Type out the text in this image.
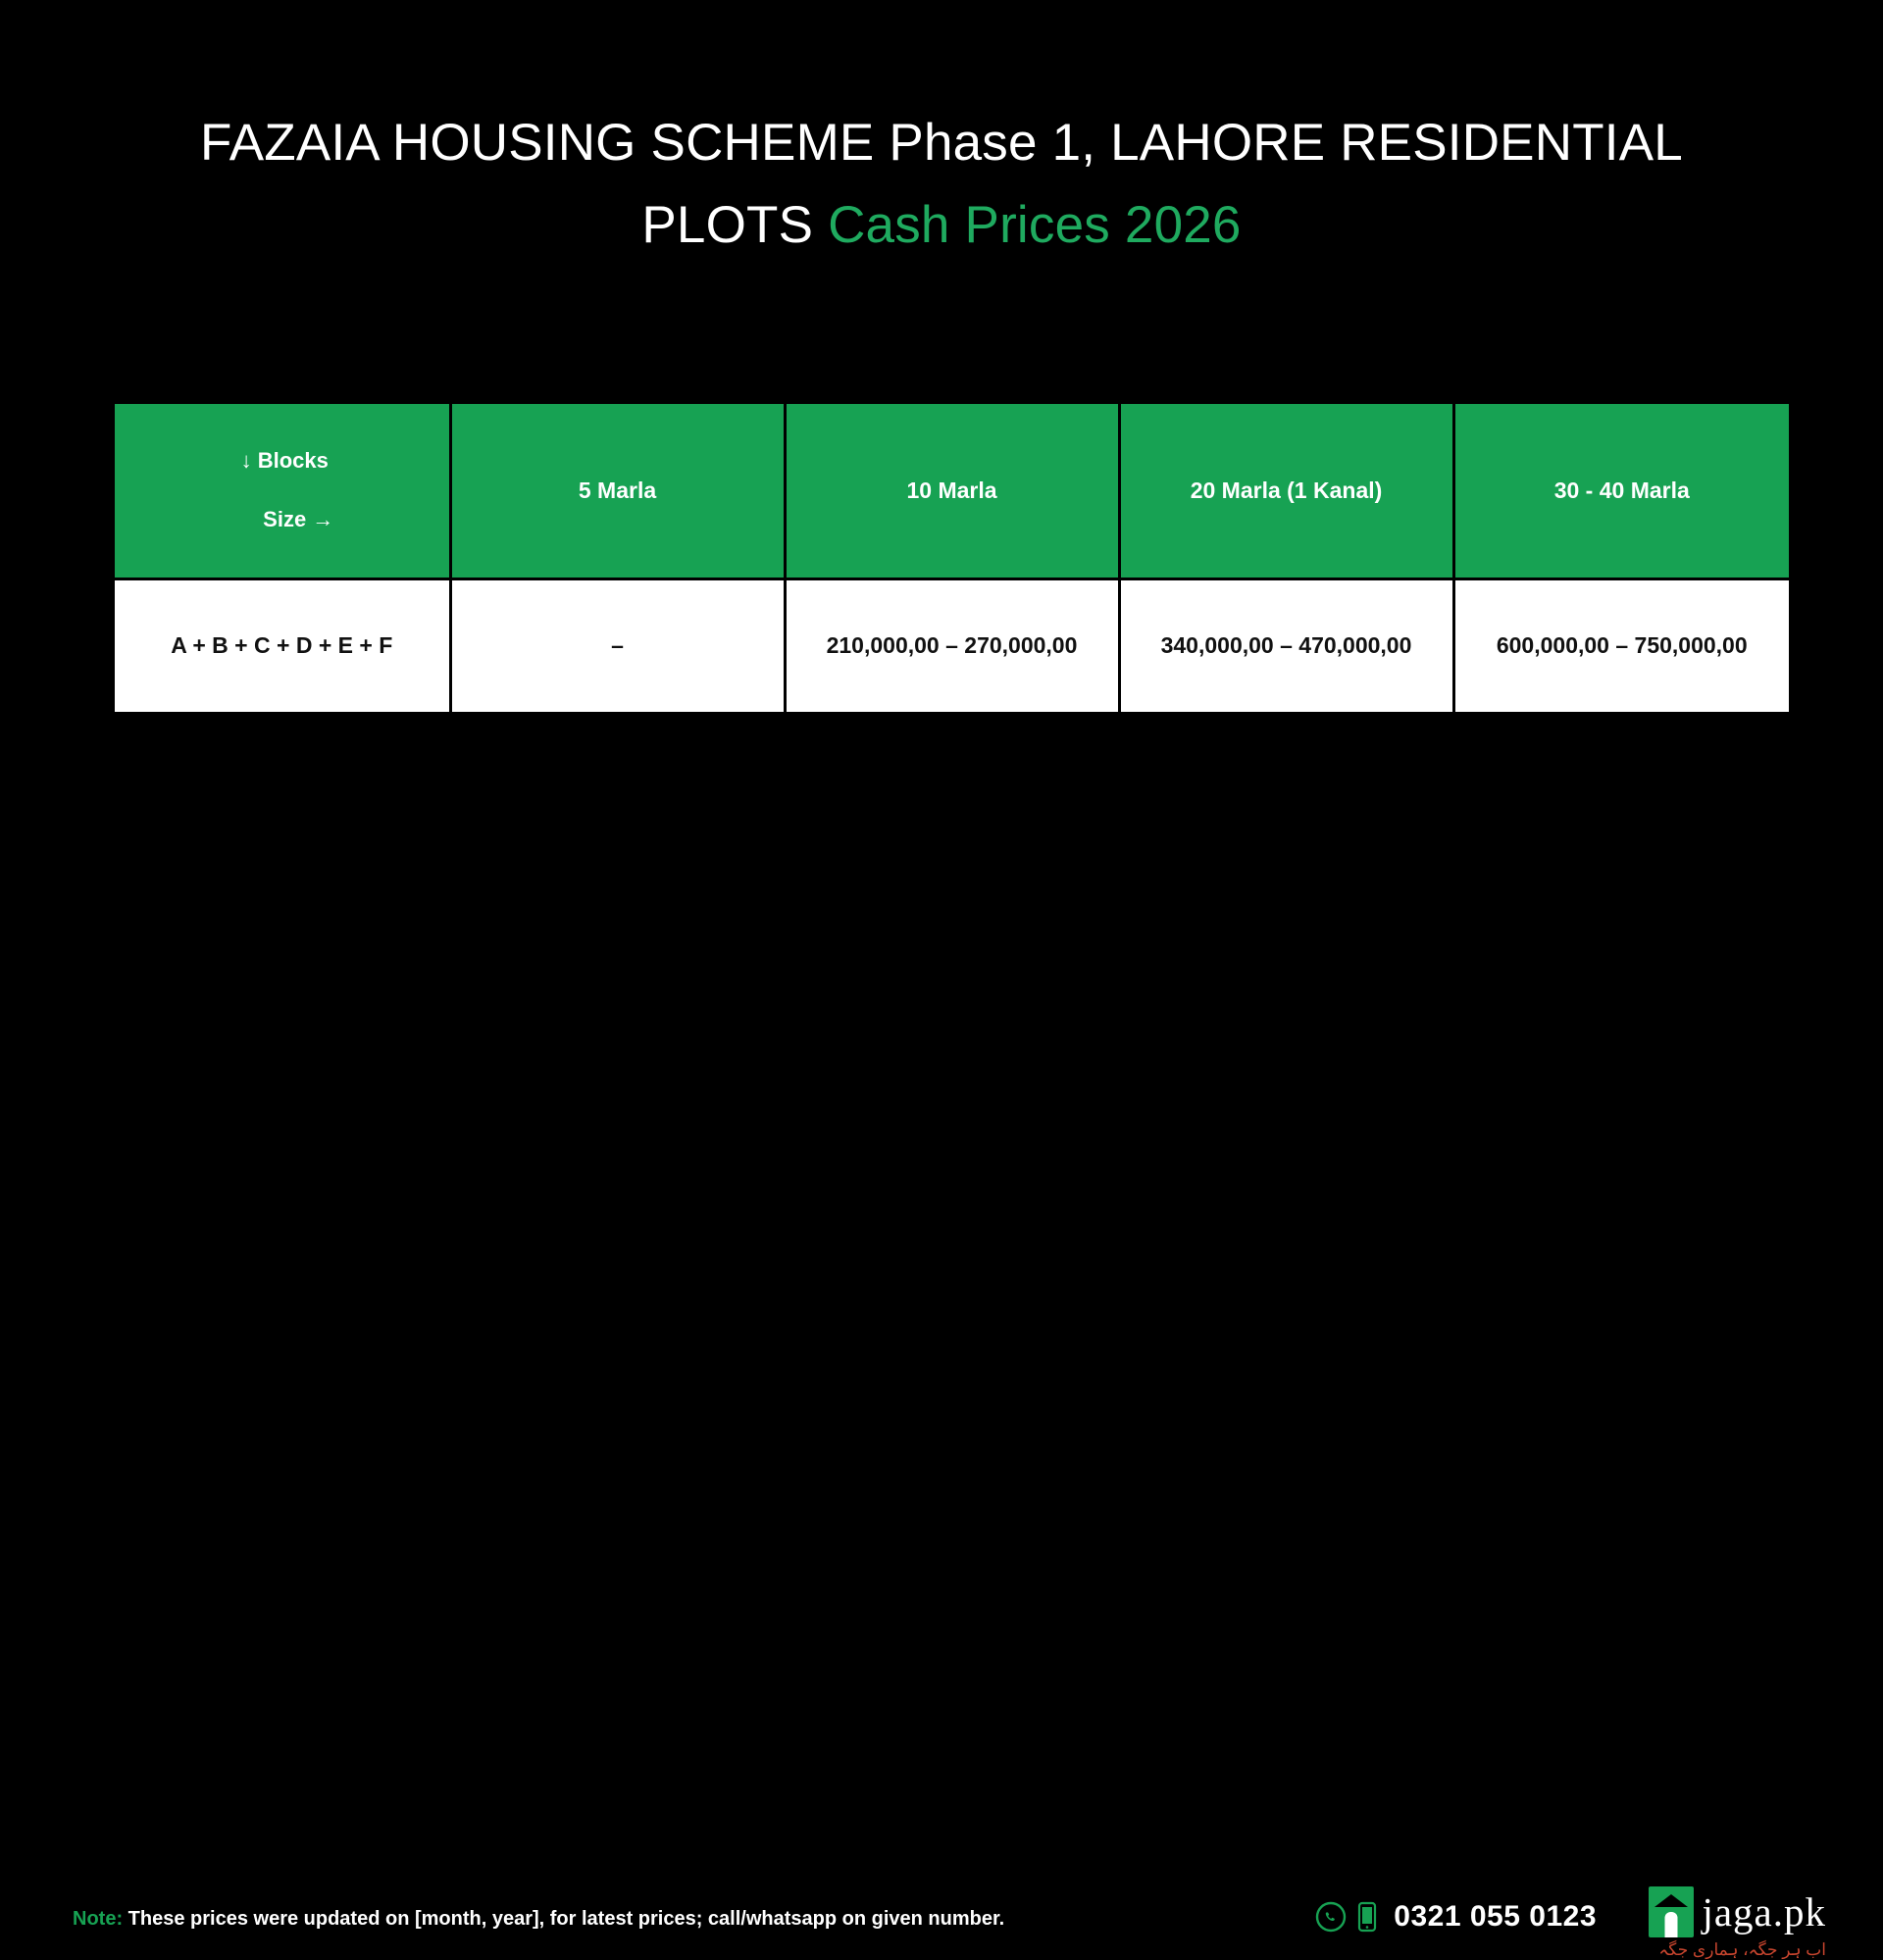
FAZAIA HOUSING SCHEME Phase 1, LAHORE RESIDENTIAL PLOTS Cash Prices 2026
↓ Blocks
Size →	5 Marla	10 Marla	20 Marla (1 Kanal)	30 - 40 Marla
A + B + C + D + E + F	–	210,000,00 – 270,000,00	340,000,00 – 470,000,00	600,000,00 – 750,000,00
Note: These prices were updated on [month, year], for latest prices; call/whatsapp on given number.	0321 055 0123	jaga.pk
اب ہر جگہ، ہماری جگہ
